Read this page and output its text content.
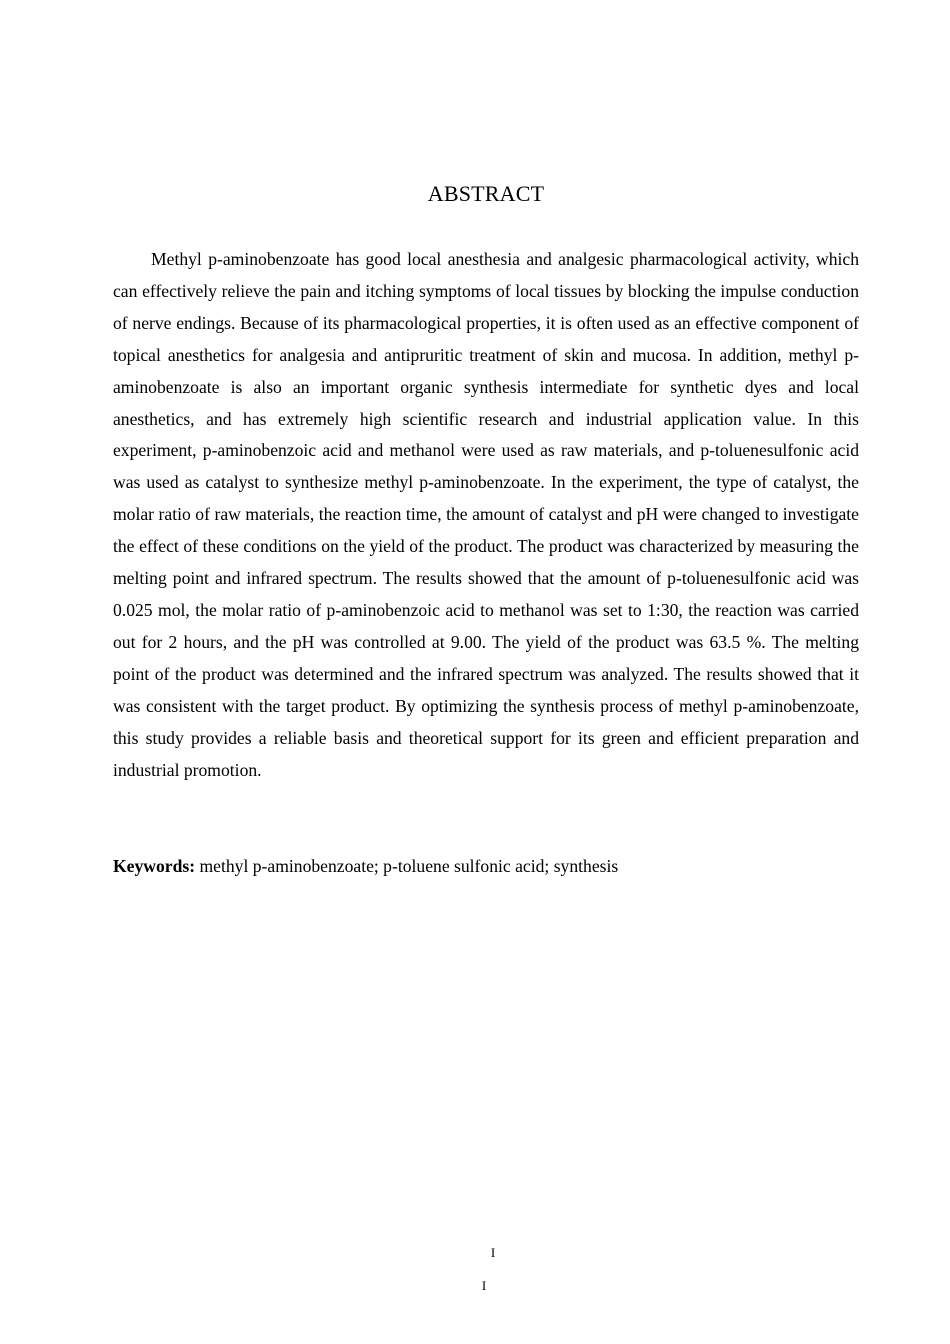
ABSTRACT

Methyl p-aminobenzoate has good local anesthesia and analgesic pharmacological activity, which can effectively relieve the pain and itching symptoms of local tissues by blocking the impulse conduction of nerve endings. Because of its pharmacological properties, it is often used as an effective component of topical anesthetics for analgesia and antipruritic treatment of skin and mucosa. In addition, methyl p-aminobenzoate is also an important organic synthesis intermediate for synthetic dyes and local anesthetics, and has extremely high scientific research and industrial application value. In this experiment, p-aminobenzoic acid and methanol were used as raw materials, and p-toluenesulfonic acid was used as catalyst to synthesize methyl p-aminobenzoate. In the experiment, the type of catalyst, the molar ratio of raw materials, the reaction time, the amount of catalyst and pH were changed to investigate the effect of these conditions on the yield of the product. The product was characterized by measuring the melting point and infrared spectrum. The results showed that the amount of p-toluenesulfonic acid was 0.025 mol, the molar ratio of p-aminobenzoic acid to methanol was set to 1:30, the reaction was carried out for 2 hours, and the pH was controlled at 9.00. The yield of the product was 63.5 %. The melting point of the product was determined and the infrared spectrum was analyzed. The results showed that it was consistent with the target product. By optimizing the synthesis process of methyl p-aminobenzoate, this study provides a reliable basis and theoretical support for its green and efficient preparation and industrial promotion.

Keywords: methyl p-aminobenzoate; p-toluene sulfonic acid; synthesis

I
I
